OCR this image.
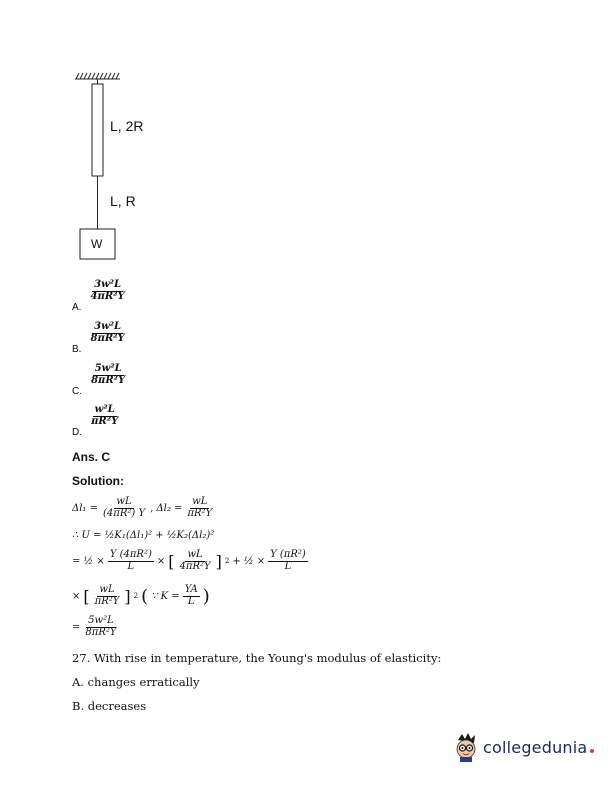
L, 2R
L, R
W
$_{A.}$
$\frac{\text{3w²L}}{\text{4πR²Y}}$
$_{B.}$
$\frac{\text{3w²L}}{\text{8πR²Y}}$
$_{C.}$
$\frac{\text{5w²L}}{\text{8πR²Y}}$
$_{D.}$
$\frac{\text{w²L}}{\text{πR²Y}}$
Ans. C
Solution:
$\Delta l_1 = \frac{wL}{\text{(4πR²) Y}}$ , $\Delta l_2 = \frac{wL}{\text{πR²Y}}$
∴ U = ½K₁(Δl₁)² + ½K₂(Δl₂)²
= ½ × $\frac{\text{Y (4πR²)}}{L}$ × [ $\frac{wL}{\text{4πR²Y}}$ ] 2 + ½ × $\frac{\text{Y (πR²)}}{L}$
× [ $\frac{wL}{\text{πR²Y}}$ ] 2 ( ∵ $K = \frac{YA}{L}$ )
= $\frac{\text{5w²L}}{\text{8πR²Y}}$
27. With rise in temperature, the Young's modulus of elasticity:
A. changes erratically
B. decreases
collegedunia
